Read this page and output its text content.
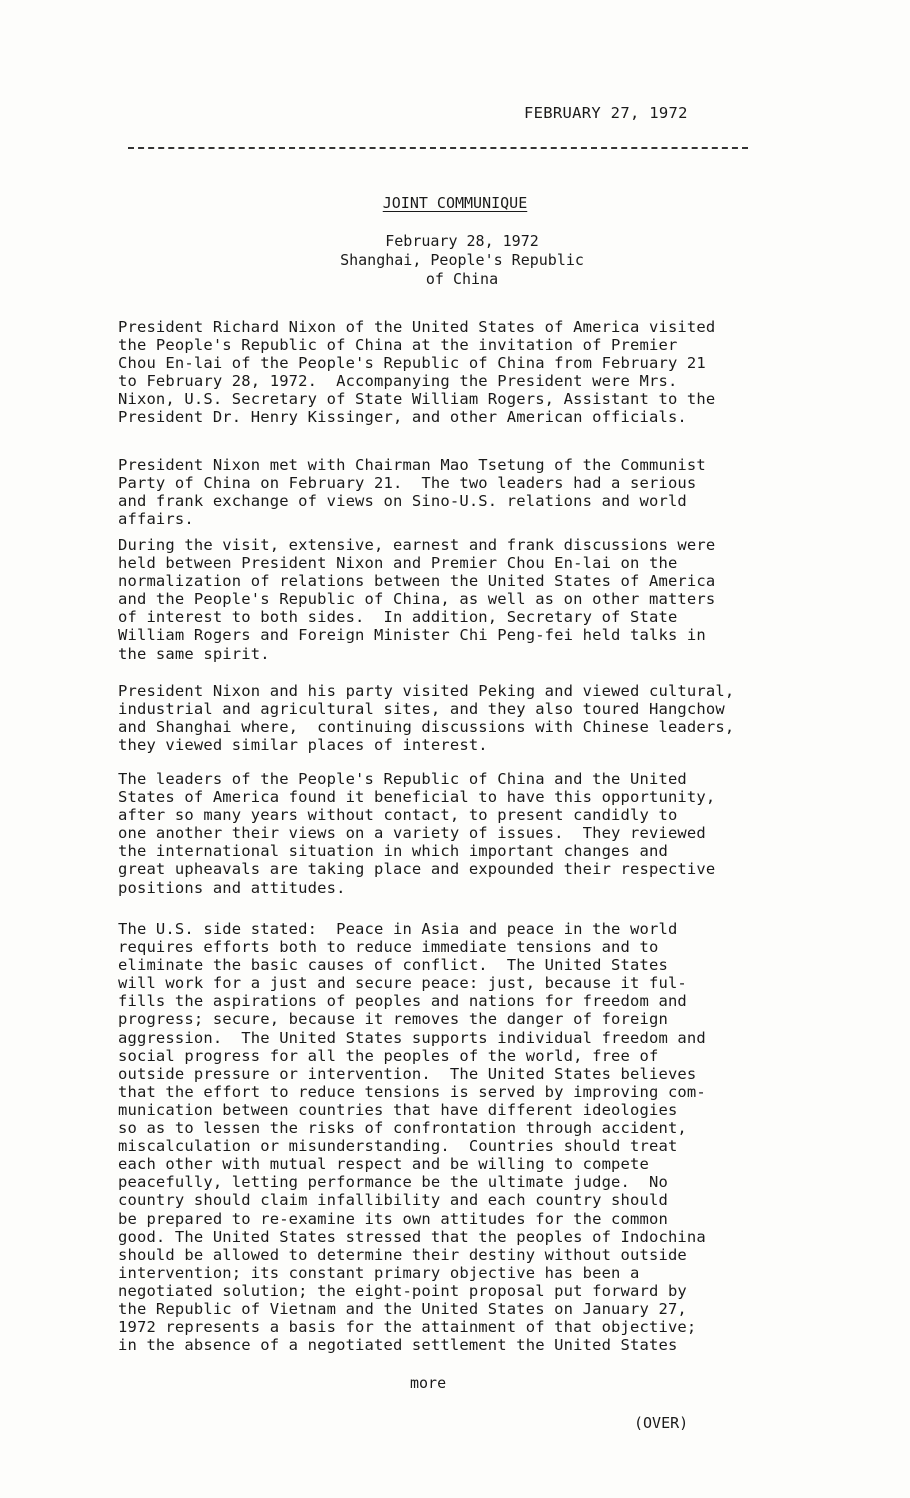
FEBRUARY 27, 1972
JOINT COMMUNIQUE
February 28, 1972
Shanghai, People's Republic
of China

President Richard Nixon of the United States of America visited
the People's Republic of China at the invitation of Premier
Chou En-lai of the People's Republic of China from February 21
to February 28, 1972.  Accompanying the President were Mrs.
Nixon, U.S. Secretary of State William Rogers, Assistant to the
President Dr. Henry Kissinger, and other American officials.

President Nixon met with Chairman Mao Tsetung of the Communist
Party of China on February 21.  The two leaders had a serious
and frank exchange of views on Sino-U.S. relations and world
affairs.

During the visit, extensive, earnest and frank discussions were
held between President Nixon and Premier Chou En-lai on the
normalization of relations between the United States of America
and the People's Republic of China, as well as on other matters
of interest to both sides.  In addition, Secretary of State
William Rogers and Foreign Minister Chi Peng-fei held talks in
the same spirit.

President Nixon and his party visited Peking and viewed cultural,
industrial and agricultural sites, and they also toured Hangchow
and Shanghai where,  continuing discussions with Chinese leaders,
they viewed similar places of interest.

The leaders of the People's Republic of China and the United
States of America found it beneficial to have this opportunity,
after so many years without contact, to present candidly to
one another their views on a variety of issues.  They reviewed
the international situation in which important changes and
great upheavals are taking place and expounded their respective
positions and attitudes.

The U.S. side stated:  Peace in Asia and peace in the world
requires efforts both to reduce immediate tensions and to
eliminate the basic causes of conflict.  The United States
will work for a just and secure peace: just, because it ful-
fills the aspirations of peoples and nations for freedom and
progress; secure, because it removes the danger of foreign
aggression.  The United States supports individual freedom and
social progress for all the peoples of the world, free of
outside pressure or intervention.  The United States believes
that the effort to reduce tensions is served by improving com-
munication between countries that have different ideologies
so as to lessen the risks of confrontation through accident,
miscalculation or misunderstanding.  Countries should treat
each other with mutual respect and be willing to compete
peacefully, letting performance be the ultimate judge.  No
country should claim infallibility and each country should
be prepared to re-examine its own attitudes for the common
good. The United States stressed that the peoples of Indochina
should be allowed to determine their destiny without outside
intervention; its constant primary objective has been a
negotiated solution; the eight-point proposal put forward by
the Republic of Vietnam and the United States on January 27,
1972 represents a basis for the attainment of that objective;
in the absence of a negotiated settlement the United States

more
(OVER)
